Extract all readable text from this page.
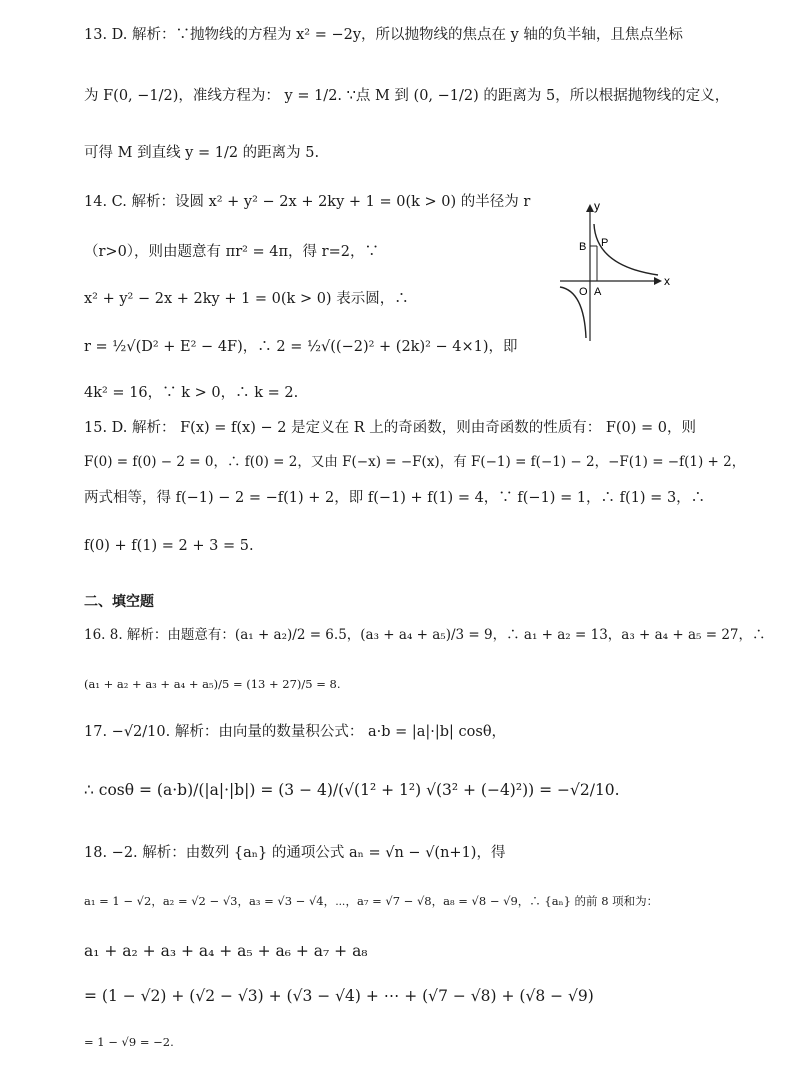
13. D. 解析：∵抛物线的方程为 x² = −2y，所以抛物线的焦点在 y 轴的负半轴，且焦点坐标
为 F(0, −1/2)，准线方程为： y = 1/2. ∵点 M 到 (0, −1/2) 的距离为 5，所以根据抛物线的定义，
可得 M 到直线 y = 1/2 的距离为 5.
14. C. 解析：设圆 x² + y² − 2x + 2ky + 1 = 0(k > 0) 的半径为 r
（r>0），则由题意有 πr² = 4π，得 r=2，∵
x² + y² − 2x + 2ky + 1 = 0(k > 0) 表示圆，∴
r = ½√(D² + E² − 4F)，∴ 2 = ½√((−2)² + (2k)² − 4×1)，即
4k² = 16，∵ k > 0，∴ k = 2.
y
x
O A
B P
15. D. 解析： F(x) = f(x) − 2 是定义在 R 上的奇函数，则由奇函数的性质有： F(0) = 0，则
F(0) = f(0) − 2 = 0，∴ f(0) = 2，又由 F(−x) = −F(x)，有 F(−1) = f(−1) − 2，−F(1) = −f(1) + 2，
两式相等，得 f(−1) − 2 = −f(1) + 2，即 f(−1) + f(1) = 4，∵ f(−1) = 1，∴ f(1) = 3，∴
f(0) + f(1) = 2 + 3 = 5.
二、填空题
16. 8. 解析：由题意有：(a₁ + a₂)/2 = 6.5，(a₃ + a₄ + a₅)/3 = 9，∴ a₁ + a₂ = 13，a₃ + a₄ + a₅ = 27，∴
(a₁ + a₂ + a₃ + a₄ + a₅)/5 = (13 + 27)/5 = 8.
17. −√2/10. 解析：由向量的数量积公式： a·b = |a|·|b| cosθ，
∴ cosθ = (a·b)/(|a|·|b|) = (3 − 4)/(√(1² + 1²) √(3² + (−4)²)) = −√2/10.
18. −2. 解析：由数列 {aₙ} 的通项公式 aₙ = √n − √(n+1)，得
a₁ = 1 − √2，a₂ = √2 − √3，a₃ = √3 − √4，⋯，a₇ = √7 − √8，a₈ = √8 − √9，∴ {aₙ} 的前 8 项和为：
a₁ + a₂ + a₃ + a₄ + a₅ + a₆ + a₇ + a₈
= (1 − √2) + (√2 − √3) + (√3 − √4) + ⋯ + (√7 − √8) + (√8 − √9)
= 1 − √9 = −2.
